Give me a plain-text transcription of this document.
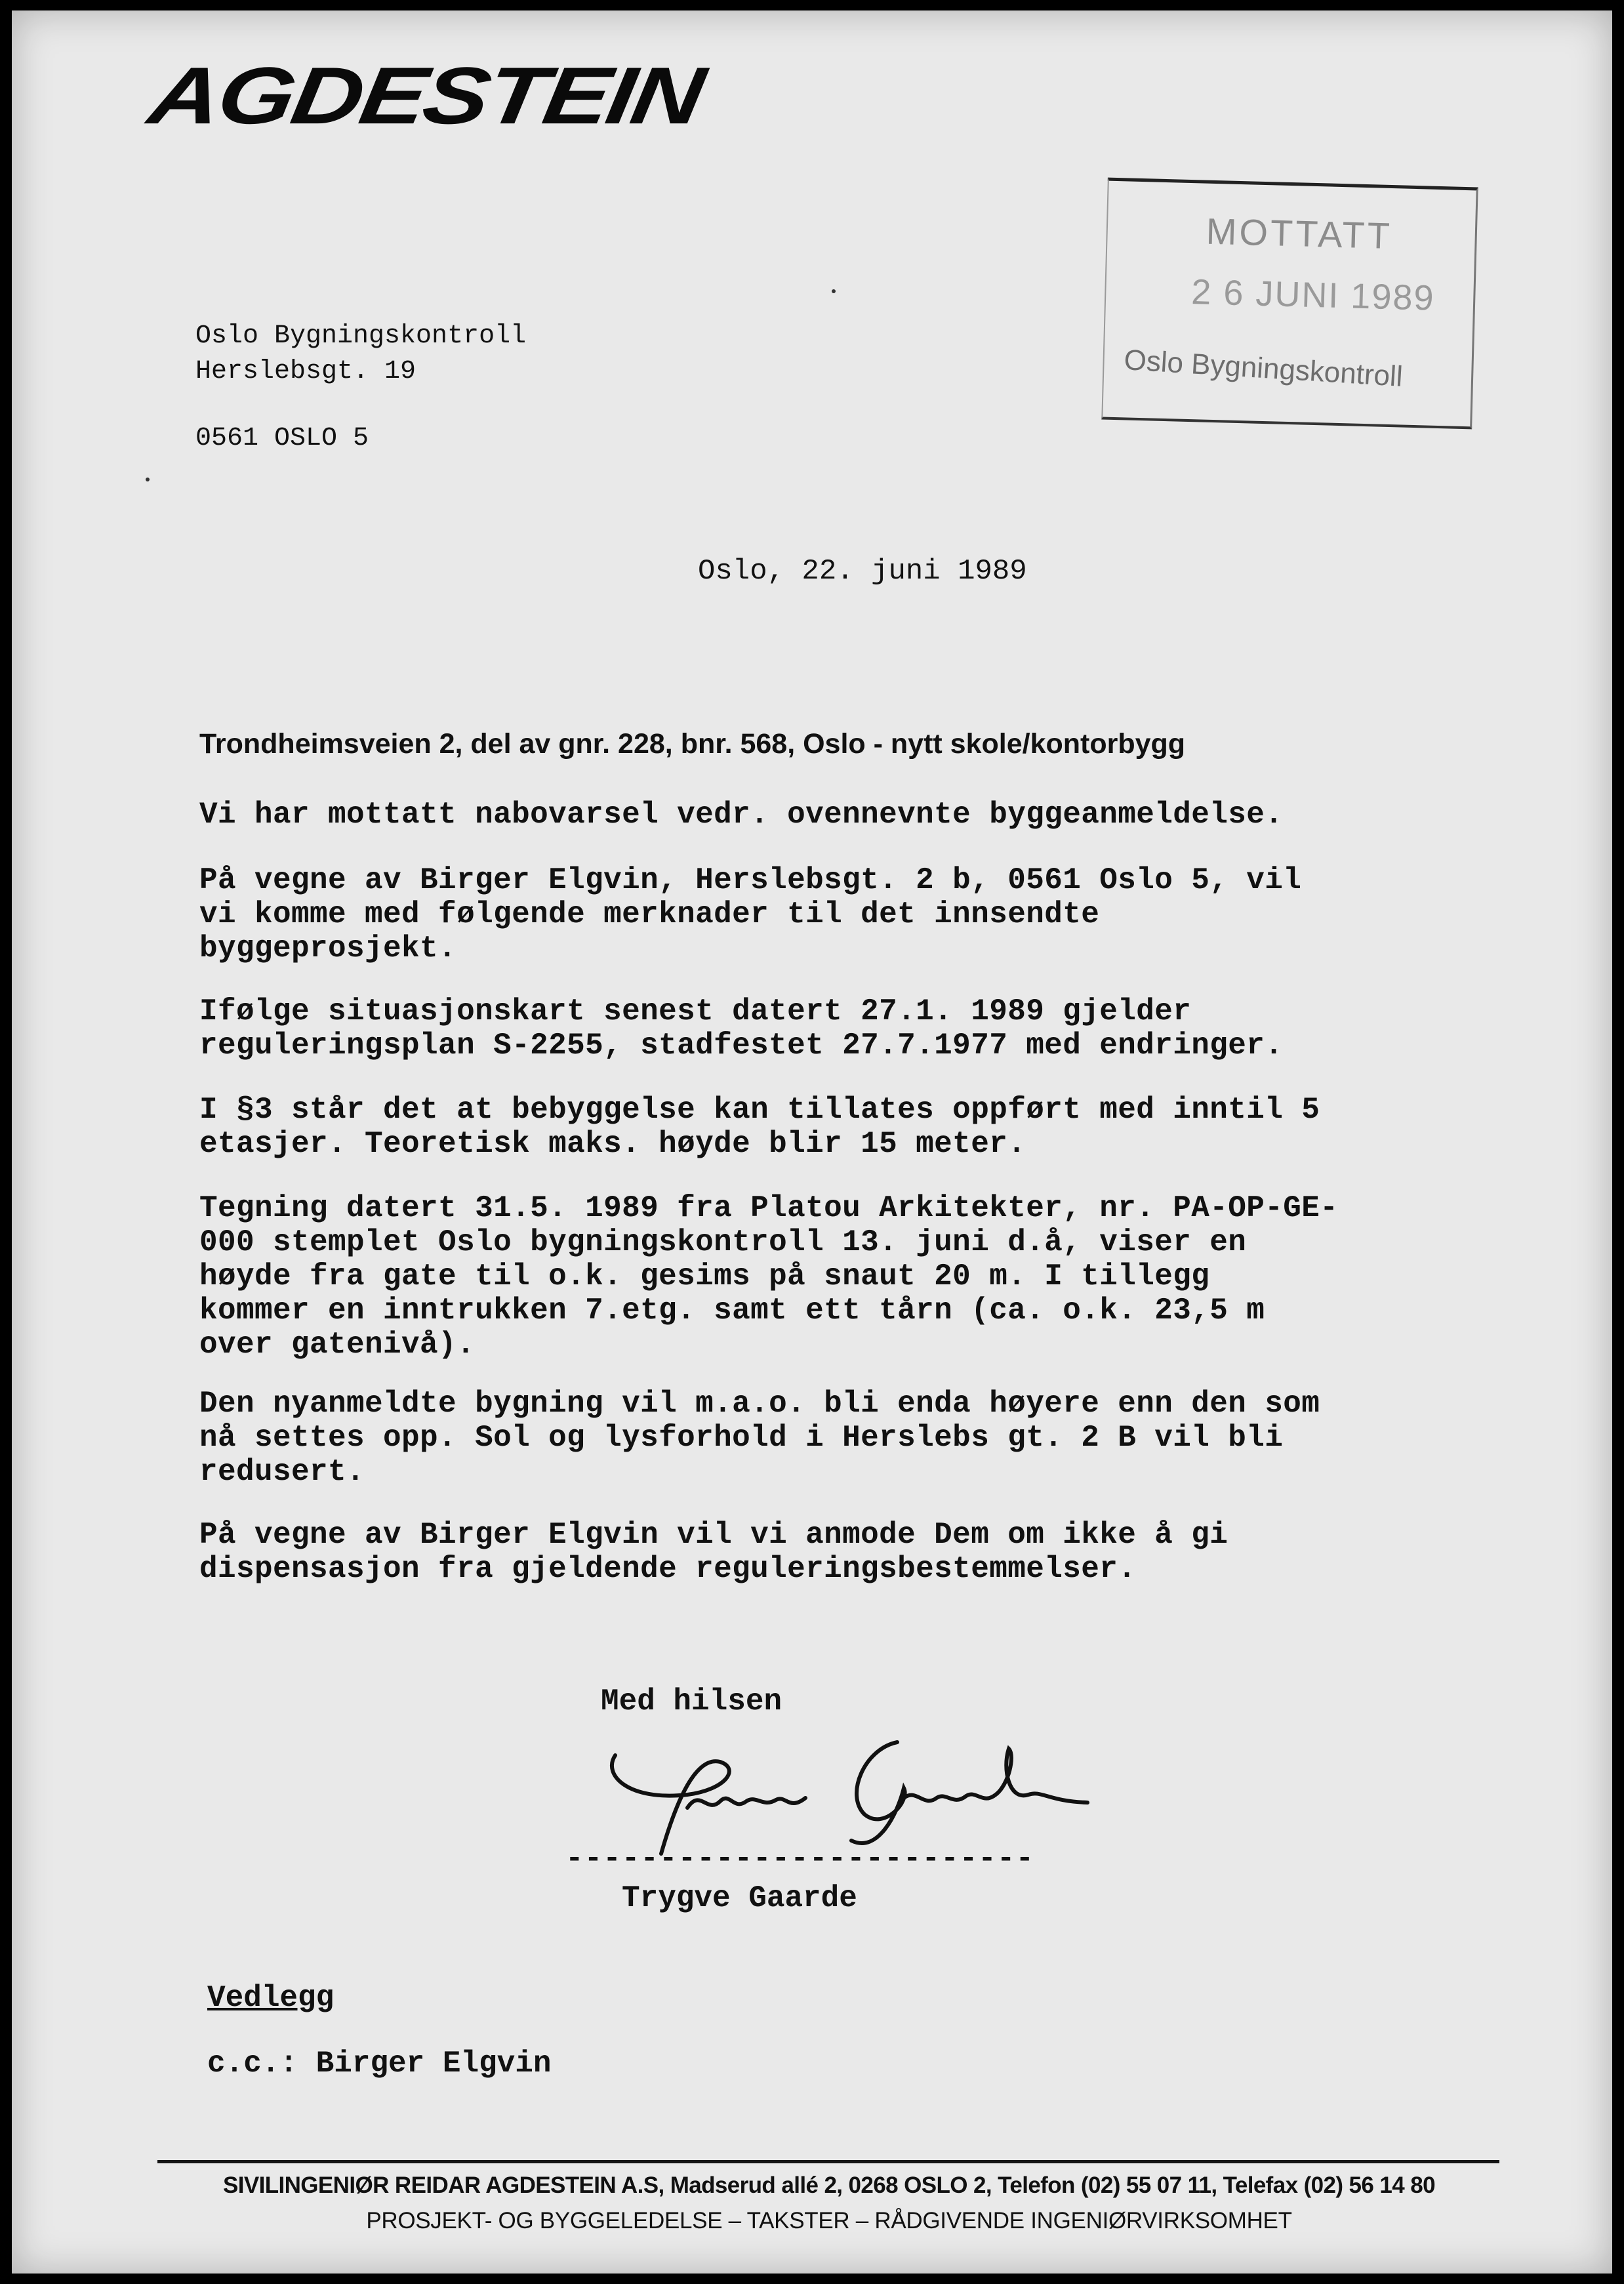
AGDESTEIN
MOTTATT
2 6 JUNI 1989
Oslo Bygningskontroll
Oslo Bygningskontroll
Herslebsgt. 19
0561 OSLO 5
Oslo, 22. juni 1989
Trondheimsveien 2, del av gnr. 228, bnr. 568, Oslo - nytt skole/kontorbygg
Vi har mottatt nabovarsel vedr. ovennevnte byggeanmeldelse.
På vegne av Birger Elgvin, Herslebsgt. 2 b, 0561 Oslo 5, vil
vi komme med følgende merknader til det innsendte
byggeprosjekt.
Ifølge situasjonskart senest datert 27.1. 1989 gjelder
reguleringsplan S-2255, stadfestet 27.7.1977 med endringer.
I §3 står det at bebyggelse kan tillates oppført med inntil 5
etasjer. Teoretisk maks. høyde blir 15 meter.
Tegning datert 31.5. 1989 fra Platou Arkitekter, nr. PA-OP-GE-
000 stemplet Oslo bygningskontroll 13. juni d.å, viser en
høyde fra gate til o.k. gesims på snaut 20 m. I tillegg
kommer en inntrukken 7.etg. samt ett tårn (ca. o.k. 23,5 m
over gatenivå).
Den nyanmeldte bygning vil m.a.o. bli enda høyere enn den som
nå settes opp. Sol og lysforhold i Herslebs gt. 2 B vil bli
redusert.
På vegne av Birger Elgvin vil vi anmode Dem om ikke å gi
dispensasjon fra gjeldende reguleringsbestemmelser.
Med hilsen
-------------------------
Trygve Gaarde
Vedlegg
c.c.: Birger Elgvin
SIVILINGENIØR REIDAR AGDESTEIN A.S, Madserud allé 2, 0268 OSLO 2, Telefon (02) 55 07 11, Telefax (02) 56 14 80
PROSJEKT- OG BYGGELEDELSE – TAKSTER – RÅDGIVENDE INGENIØRVIRKSOMHET
